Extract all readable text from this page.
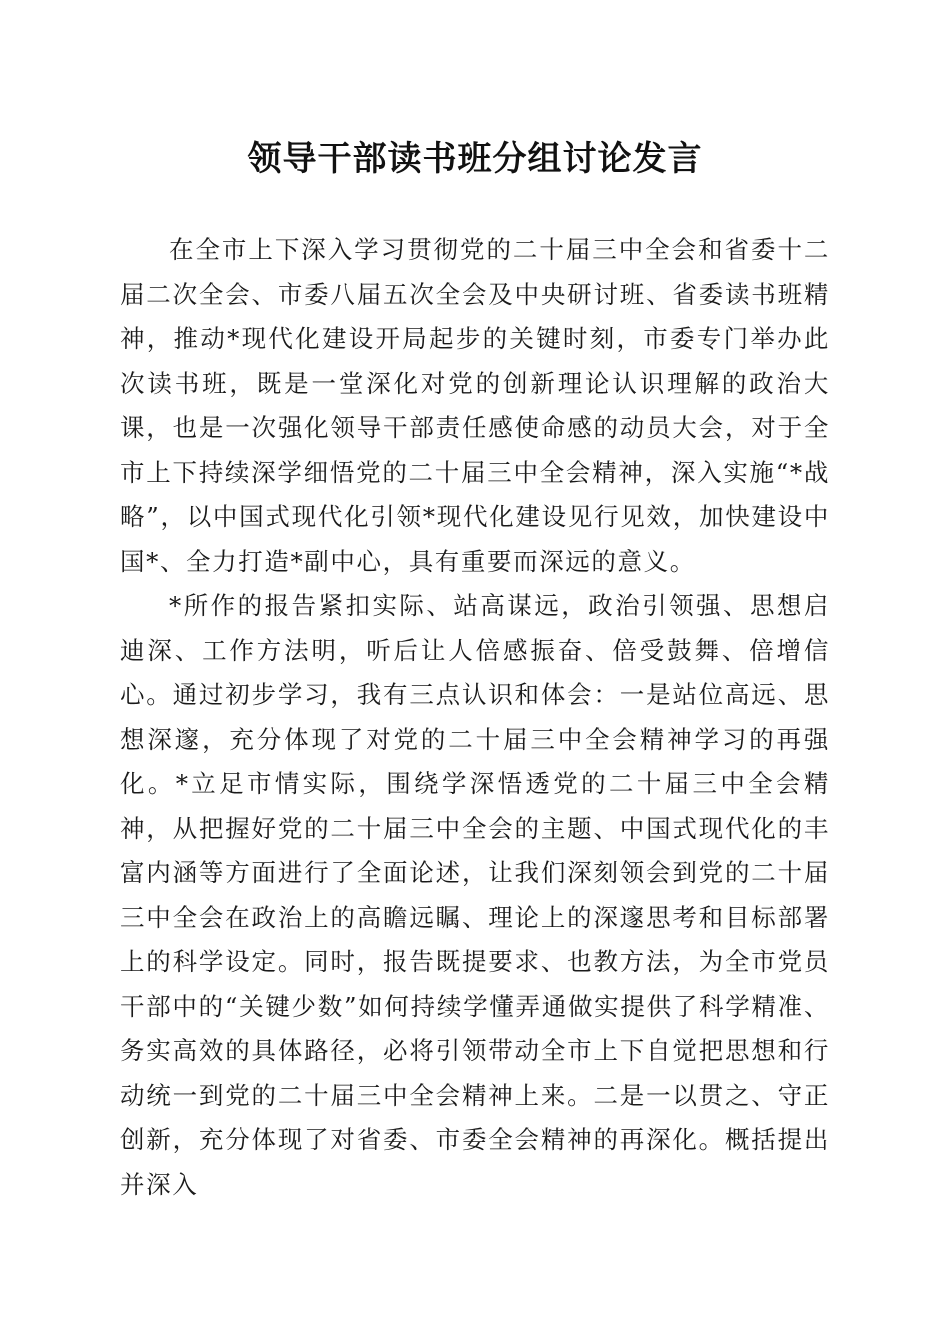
领导干部读书班分组讨论发言

在全市上下深入学习贯彻党的二十届三中全会和省委十二届二次全会、市委八届五次全会及中央研讨班、省委读书班精神，推动*现代化建设开局起步的关键时刻，市委专门举办此次读书班，既是一堂深化对党的创新理论认识理解的政治大课，也是一次强化领导干部责任感使命感的动员大会，对于全市上下持续深学细悟党的二十届三中全会精神，深入实施“*战略”，以中国式现代化引领*现代化建设见行见效，加快建设中国*、全力打造*副中心，具有重要而深远的意义。

*所作的报告紧扣实际、站高谋远，政治引领强、思想启迪深、工作方法明，听后让人倍感振奋、倍受鼓舞、倍增信心。通过初步学习，我有三点认识和体会：一是站位高远、思想深邃，充分体现了对党的二十届三中全会精神学习的再强化。*立足市情实际，围绕学深悟透党的二十届三中全会精神，从把握好党的二十届三中全会的主题、中国式现代化的丰富内涵等方面进行了全面论述，让我们深刻领会到党的二十届三中全会在政治上的高瞻远瞩、理论上的深邃思考和目标部署上的科学设定。同时，报告既提要求、也教方法，为全市党员干部中的“关键少数”如何持续学懂弄通做实提供了科学精准、务实高效的具体路径，必将引领带动全市上下自觉把思想和行动统一到党的二十届三中全会精神上来。二是一以贯之、守正创新，充分体现了对省委、市委全会精神的再深化。概括提出并深入
